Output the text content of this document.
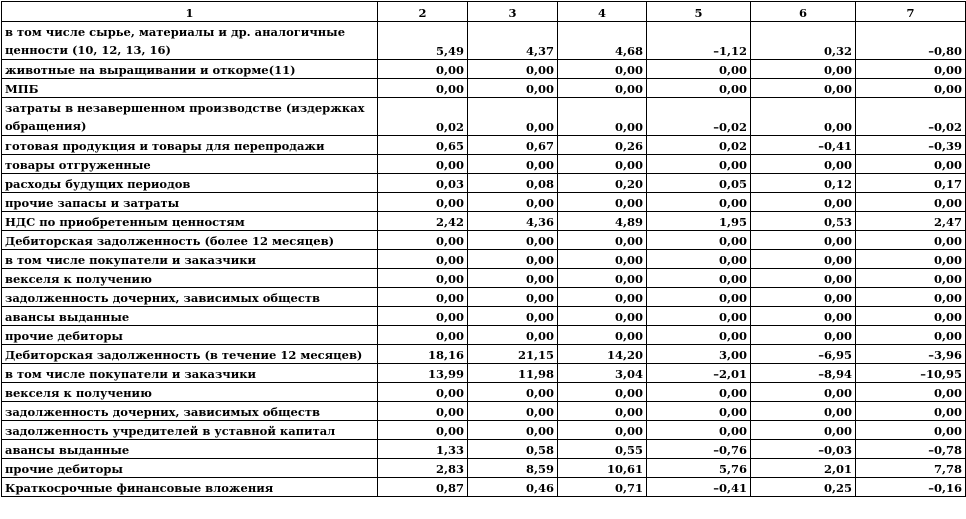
1	2	3	4	5	6	7
в том числе сырье, материалы и др. аналогичные ценности (10, 12, 13, 16)	5,49	4,37	4,68	–1,12	0,32	–0,80
животные на выращивании и откорме(11)	0,00	0,00	0,00	0,00	0,00	0,00
МПБ	0,00	0,00	0,00	0,00	0,00	0,00
затраты в незавершенном производстве (издержках обращения)	0,02	0,00	0,00	–0,02	0,00	–0,02
готовая продукция и товары для перепродажи	0,65	0,67	0,26	0,02	–0,41	–0,39
товары отгруженные	0,00	0,00	0,00	0,00	0,00	0,00
расходы будущих периодов	0,03	0,08	0,20	0,05	0,12	0,17
прочие запасы и затраты	0,00	0,00	0,00	0,00	0,00	0,00
НДС по приобретенным ценностям	2,42	4,36	4,89	1,95	0,53	2,47
Дебиторская задолженность (более 12 месяцев)	0,00	0,00	0,00	0,00	0,00	0,00
в том числе покупатели и заказчики	0,00	0,00	0,00	0,00	0,00	0,00
векселя к получению	0,00	0,00	0,00	0,00	0,00	0,00
задолженность дочерних, зависимых обществ	0,00	0,00	0,00	0,00	0,00	0,00
авансы выданные	0,00	0,00	0,00	0,00	0,00	0,00
прочие дебиторы	0,00	0,00	0,00	0,00	0,00	0,00
Дебиторская задолженность (в течение 12 месяцев)	18,16	21,15	14,20	3,00	–6,95	–3,96
в том числе покупатели и заказчики	13,99	11,98	3,04	–2,01	–8,94	–10,95
векселя к получению	0,00	0,00	0,00	0,00	0,00	0,00
задолженность дочерних, зависимых обществ	0,00	0,00	0,00	0,00	0,00	0,00
задолженность учредителей в уставной капитал	0,00	0,00	0,00	0,00	0,00	0,00
авансы выданные	1,33	0,58	0,55	–0,76	–0,03	–0,78
прочие дебиторы	2,83	8,59	10,61	5,76	2,01	7,78
Краткосрочные финансовые вложения	0,87	0,46	0,71	–0,41	0,25	–0,16
